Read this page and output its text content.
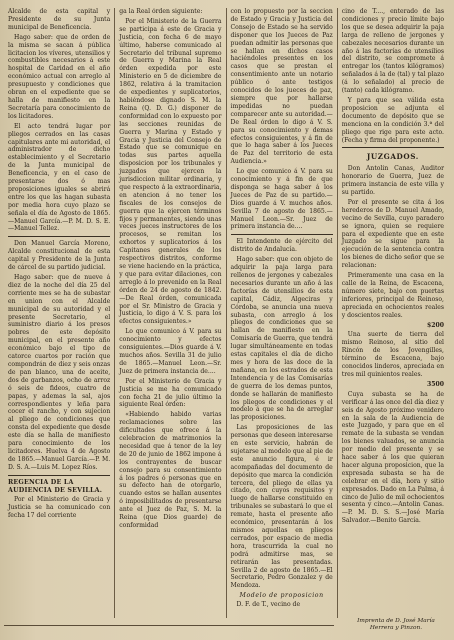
Alcalde de esta capital y Presidente de su Junta municipal de Beneficencia.

Hago saber: que de orden de la misma se sacan á pública licitacion los víveres, utensilios y combustibles necesarios á este hospital de Caridad en el año económico actual con arreglo al presupuesto y condiciones que obran en el expediente que se halla de manifiesto en la Secretaría para conocimiento de los licitadores.

El acto tendrá lugar por pliegos cerrados en las casas capitulares ante mi autoridad, el administrador de dicho establecimiento y el Secretario de la Junta municipal de Beneficencia, y en el caso de presentarse dos ó mas proposiciones iguales se abrirá entre los que las hagan subasta por media hora cuyo plazo se señala el día de Agosto de 1865.—Manuel García.—P. M. D. S. E.—Manuel Tellez.

Don Manuel García Moreno, Alcalde constitucional de esta capital y Presidente de la Junta de cárcel de su partido judicial.

Hago saber: que de nueve á diez de la noche del día 25 del corriente mes se ha de subastar en union con el Alcalde municipal de su autoridad y el presente Secretario, el suministro diario á los presos pobres de este depósito municipal, en el presente año económico bajo el tipo de catorce cuartos por ración que compondrán de diez y seis onzas de pan blanco, una de aceite, dos de garbanzos, ocho de arroz ó seis de fideos, cuatro de papas, y ademas la sal, ajos correspondientes y leña para cocer el rancho, y con sujecion al pliego de condiciones que consta del expediente que desde este día se halla de manifiesto para conocimiento de los licitadores. Huelva 4 de Agosto de 1865.—Manuel García.—P. M. D. S. A.—Luis M. Lopez Ríos.

REGENCIA DE LA AUDIENCIA DE SEVILLA.

Por el Ministerio de Gracia y Justicia se ha comunicado con fecha 17 del corriente

ga la Real órden siguiente:

Por el Ministerio de la Guerra se participa á este de Gracia y Justicia, con fecha 6 de mayo último, haberse comunicado al Secretario del tribunal supremo de Guerra y Marina la Real órden expedida por este Ministerio en 5 de diciembre de 1862, relativa á la tramitacion de expedientes y suplicatorios, habiéndose dignado S. M. la Reina (Q. D. G.) disponer de conformidad con lo expuesto por las secciones reunidas de Guerra y Marina y Estado y Gracia y Justicia del Consejo de Estado que se comunique en todas sus partes aquella disposicion por los tribunales y juzgados que ejercen la jurisdiccion militar ordinaria, y que respecto á la extraordinaria, en atencion á no tener los fiscales de los consejos de guerra que la ejercen términos fijos y permanentes, siendo unas veces jueces instructores de los procesos, se remitan los exhortos y suplicatorios á los Capitanes generales de los respectivos distritos, conforme se viene haciendo en la práctica, y que para evitar dilaciones, con arreglo á lo prevenido en la Real órden de 24 de agosto de 1842.—De Real órden, comunicada por el Sr. Ministro de Gracia y Justicia, lo digo á V. S. para los efectos consiguientes.»

Lo que comunico á V. para su conocimiento y efectos consiguientes.—Dios guarde á V. muchos años. Sevilla 31 de julio de 1865.—Manuel Leon.—Sr. Juez de primera instancia de....

Por el Ministerio de Gracia y Justicia se me ha comunicado con fecha 21 de julio último la siguiente Real órden:

«Habiendo habido varias reclamaciones sobre las dificultades que ofrece á la celebracion de matrimonios la necesidad que á tenor de la ley de 20 de junio de 1862 impone á los contrayentes de buscar consejo para su consentimiento á los padres ó personas que en su defecto han de otorgarlo, cuando estos se hallan ausentes ó imposibilitados de presentarse ante el Juez de Paz, S. M. la Reina (que Dios guarde) de conformidad

con lo propuesto por la seccion de Estado y Gracia y Justicia del Consejo de Estado se ha servido disponer que los Jueces de Paz puedan admitir las personas que se hallan en dichos casos haciéndoles presentes en los casos que se prestan el consentimiento ante un notario público ó ante testigos conocidos de los jueces de paz, siempre que por hallarse impedidas no puedan comparecer ante su autoridad.—De Real órden lo digo á V. S. para su conocimiento y demas efectos consiguientes, y á fin de que lo haga saber á los Jueces de Paz del territorio de esta Audiencia.»

Lo que comunico á V. para su conocimiento y á fin de que disponga se haga saber á los Jueces de Paz de su partido.—Dios guarde á V. muchos años. Sevilla 7 de agosto de 1865.—Manuel Leon.—Sr. Juez de primera instancia de....

El Intendente de ejército del distrito de Andalucía.

Hago saber: que con objeto de adquirir la paja larga para rellenos de jergones y cabezales necesarios durante un año á las factorías de utensilios de esta capital, Cádiz, Algeciras y Córdoba, se anuncia una nueva subasta, con arreglo á los pliegos de condiciones que se hallan de manifiesto en la Comisaría de Guerra, que tendrá lugar simultáneamente en todas estas capitales el día de dicho mes y hora de las doce de la mañana, en los estrados de esta Intendencia y de las Comisarías de guerra de los demas puntos, donde se hallarán de manifiesto los pliegos de condiciones y el modelo á que se ha de arreglar las proposiciones.

Las proposiciones de las personas que deseen interesarse en este servicio, habrán de sujetarse al modelo que al pie de este anuncio figura, é ir acompañadas del documento de depósito que marca la condición tercera, del pliego de ellas ya citado, con cuyos requisitos y luego de hallarse constituido en tribunales se subastará lo que el remate, hasta el presente año económico, presentarán á los mismos aquellas en pliegos cerrados, por espacio de media hora, trascurrida la cual no podrá admitirse mas, se retirarán las presentadas. Sevilla 2 de agosto de 1865.—El Secretario, Pedro Gonzalez y de Mendoza.

Modelo de proposicion

D. F. de T., vecino de

cino de T...., enterado de las condiciones y precio límite bajo los que se desea adquirir la paja larga de relleno de jergones y cabezales necesarios durante un año á las factorías de utensilios del distrito, se compromete á entregar los (tantos kilógramos) señalados á la de (tal) y tal plazo (á lo señalado) al precio de (tanto) cada kilógramo.

Y para que sea válida esta proposicion se adjunta el documento de depósito que se menciona en la condición 3.ª del pliego que rige para este acto. (Fecha y firma del proponente.)

JUZGADOS.

Don Antolin Canas, Auditor honorario de Guerra, Juez de primera instancia de este villa y su partido.

Por el presente se cita á los herederos de D. Manuel Amado, vecino de Sevilla, cuyo paradero se ignora, quien se requiere para el expediente que en este Juzgado se sigue para la ejecución de la sentencia contra los bienes de dicho señor que se relacionan:

Primeramente una casa en la calle de la Reina, de Escacena, número siete, bajo con puertas inferiores, principal de Reinoso, apreciada en ochocientos reales y doscientos reales.

$200

Una suerte de tierra del mismo Reinoso, al sitio del Rincón de los Jovengilles, término de Escacena, bajo conocidos linderos, apreciada en tres mil quinientos reales.

3500

Cuya subasta se ha de verificar á las once del día diez y seis de Agosto próximo venidero en la sala de la Audiencia de este Juzgado, y para que en el remate de la subasta se vendan los bienes valuados, se anuncia por medio del presente y se hace saber á los que quieran hacer alguna proposicion, que la expresada subasta se ha de celebrar en el día, hora y sitio expresados. Dado en La Palma, á cinco de Julio de mil ochocientos sesenta y cinco.—Antolin Canas.—P. M. D. S. S.—José María Salvador.—Benito García.

Imprenta de D. José María
Herrera y Pinzon.
